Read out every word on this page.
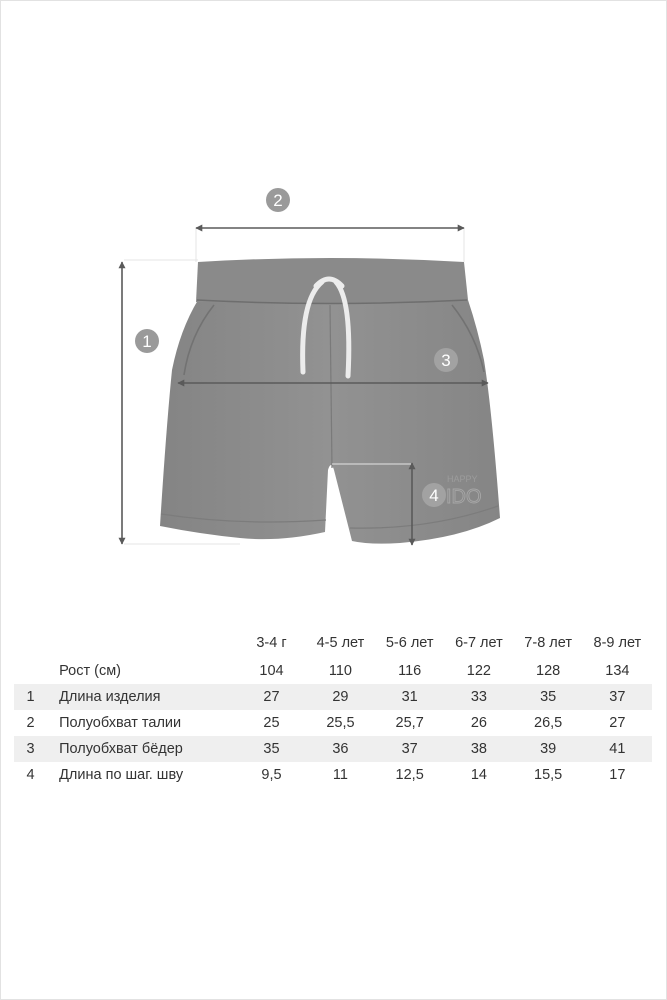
HAPPY
IDO
1
2
3
4
		3-4 г	4-5 лет	5-6 лет	6-7 лет	7-8 лет	8-9 лет
	Рост (см)	104	110	116	122	128	134
1	Длина изделия	27	29	31	33	35	37
2	Полуобхват талии	25	25,5	25,7	26	26,5	27
3	Полуобхват бёдер	35	36	37	38	39	41
4	Длина по шаг. шву	9,5	11	12,5	14	15,5	17
